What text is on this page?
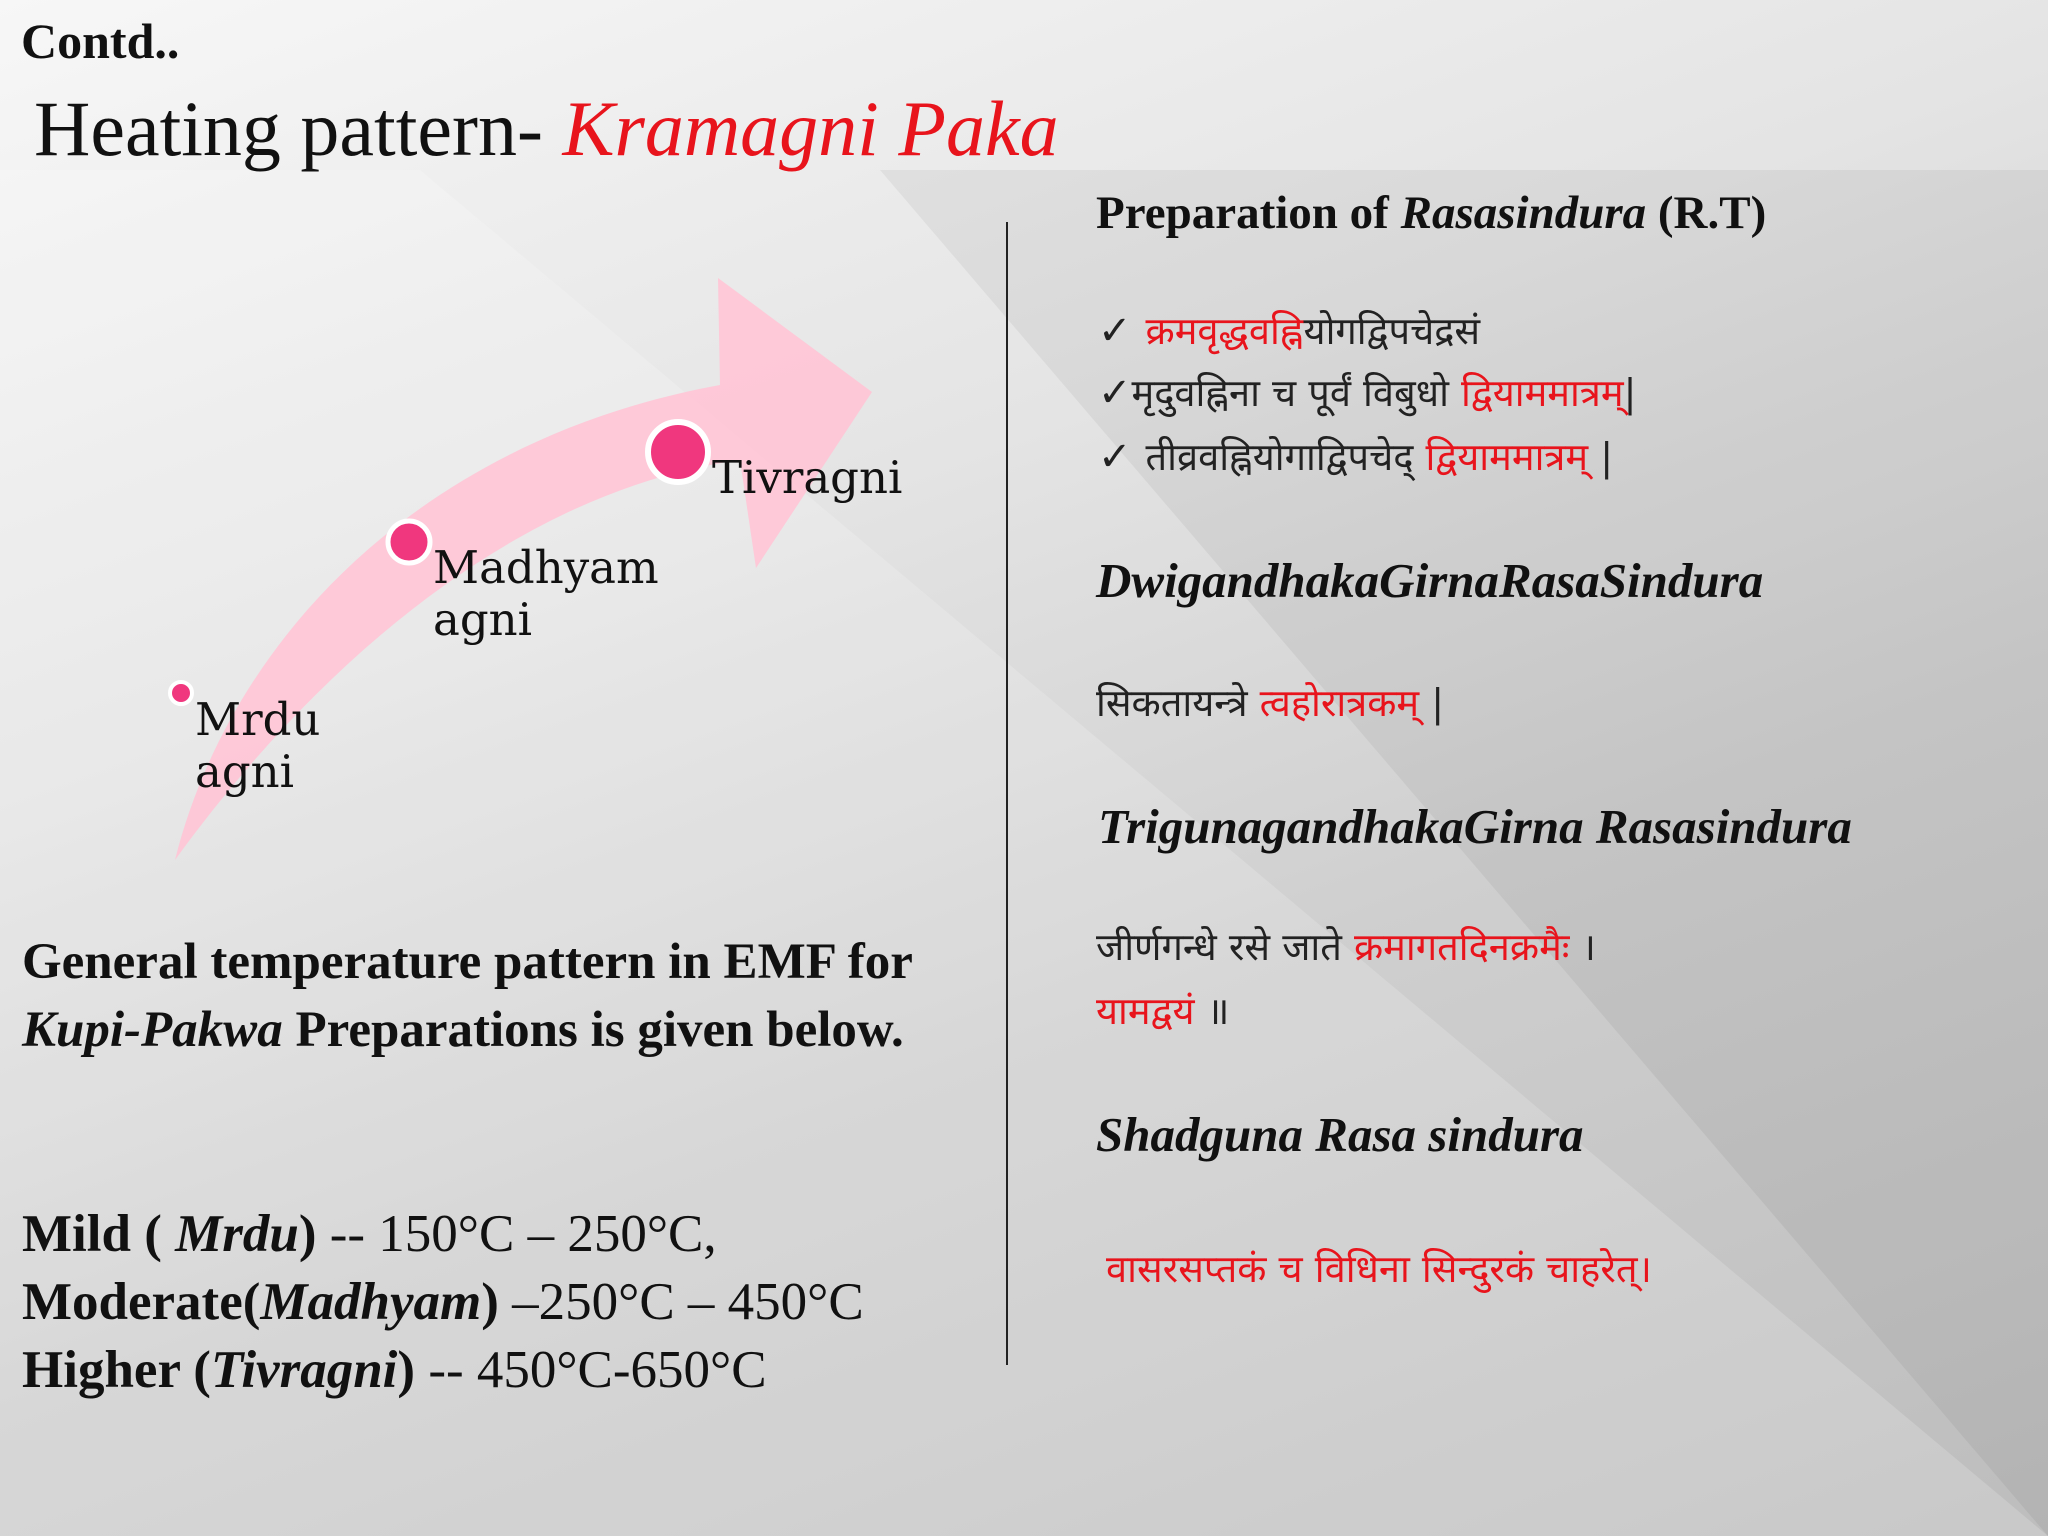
Contd..
Heating pattern- Kramagni Paka
Mrdu
agni
Madhyam
agni
Tivragni
General temperature pattern in EMF for Kupi-Pakwa Preparations is given below.
Mild ( Mrdu) -- 150°C – 250°C,
Moderate(Madhyam) –250°C – 450°C
Higher (Tivragni) -- 450°C-650°C
Preparation of Rasasindura (R.T)
✓ क्रमवृद्धवह्नियोगद्विपचेद्रसं
✓मृदुवह्निना च पूर्वं विबुधो द्वियाममात्रम्|
✓ तीव्रवह्नियोगाद्विपचेद् द्वियाममात्रम् |
DwigandhakaGirnaRasaSindura
सिकतायन्त्रे त्वहोरात्रकम् |
TrigunagandhakaGirna Rasasindura
जीर्णगन्धे रसे जाते क्रमागतदिनक्रमैः ।
यामद्वयं ॥
Shadguna Rasa sindura
वासरसप्तकं च विधिना सिन्दुरकं चाहरेत्।
